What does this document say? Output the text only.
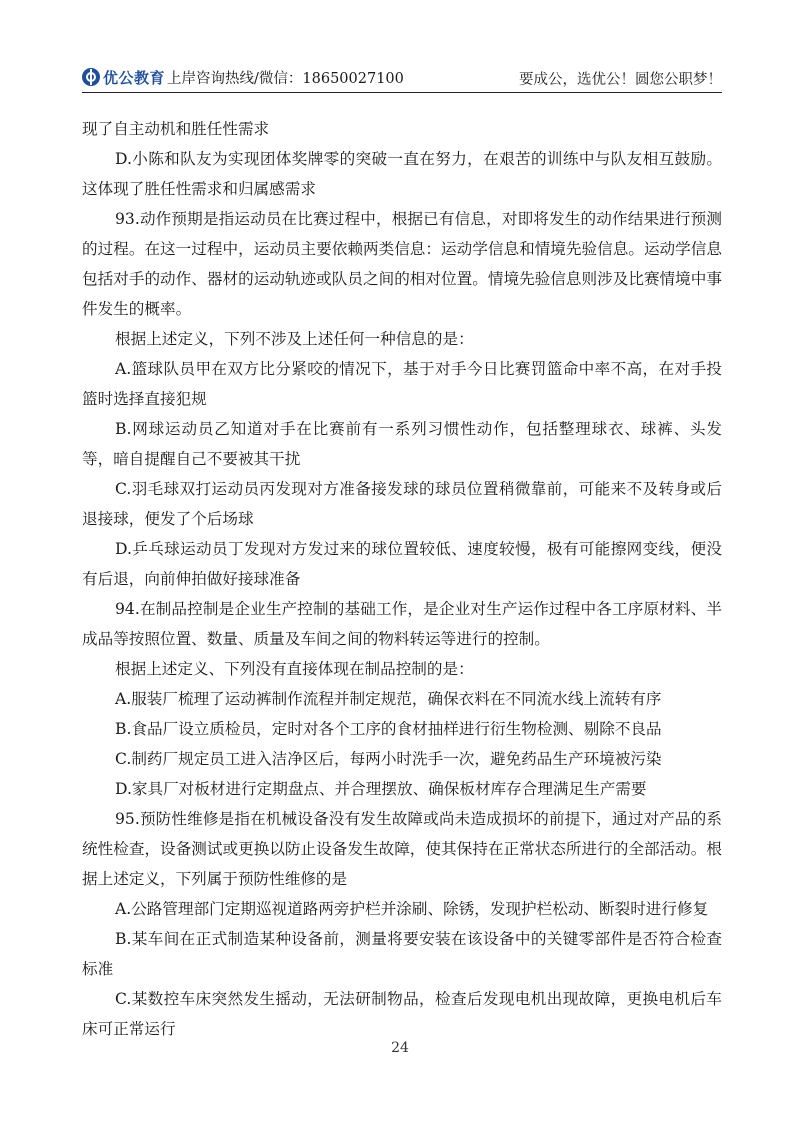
优公教育 上岸咨询热线/微信：18650027100	要成公，选优公！圆您公职梦！

现了自主动机和胜任性需求

D.小陈和队友为实现团体奖牌零的突破一直在努力，在艰苦的训练中与队友相互鼓励。这体现了胜任性需求和归属感需求

93.动作预期是指运动员在比赛过程中，根据已有信息，对即将发生的动作结果进行预测的过程。在这一过程中，运动员主要依赖两类信息：运动学信息和情境先验信息。运动学信息包括对手的动作、器材的运动轨迹或队员之间的相对位置。情境先验信息则涉及比赛情境中事件发生的概率。

根据上述定义，下列不涉及上述任何一种信息的是：

A.篮球队员甲在双方比分紧咬的情况下，基于对手今日比赛罚篮命中率不高，在对手投篮时选择直接犯规

B.网球运动员乙知道对手在比赛前有一系列习惯性动作，包括整理球衣、球裤、头发等，暗自提醒自己不要被其干扰

C.羽毛球双打运动员丙发现对方准备接发球的球员位置稍微靠前，可能来不及转身或后退接球，便发了个后场球

D.乒乓球运动员丁发现对方发过来的球位置较低、速度较慢，极有可能擦网变线，便没有后退，向前伸拍做好接球准备

94.在制品控制是企业生产控制的基础工作，是企业对生产运作过程中各工序原材料、半成品等按照位置、数量、质量及车间之间的物料转运等进行的控制。

根据上述定义、下列没有直接体现在制品控制的是：

A.服装厂梳理了运动裤制作流程并制定规范，确保衣料在不同流水线上流转有序

B.食品厂设立质检员，定时对各个工序的食材抽样进行衍生物检测、剔除不良品

C.制药厂规定员工进入洁净区后，每两小时洗手一次，避免药品生产环境被污染

D.家具厂对板材进行定期盘点、并合理摆放、确保板材库存合理满足生产需要

95.预防性维修是指在机械设备没有发生故障或尚未造成损坏的前提下，通过对产品的系统性检查，设备测试或更换以防止设备发生故障，使其保持在正常状态所进行的全部活动。根据上述定义，下列属于预防性维修的是

A.公路管理部门定期巡视道路两旁护栏并涂刷、除锈，发现护栏松动、断裂时进行修复

B.某车间在正式制造某种设备前，测量将要安装在该设备中的关键零部件是否符合检查标准

C.某数控车床突然发生摇动，无法研制物品，检查后发现电机出现故障，更换电机后车床可正常运行

24
